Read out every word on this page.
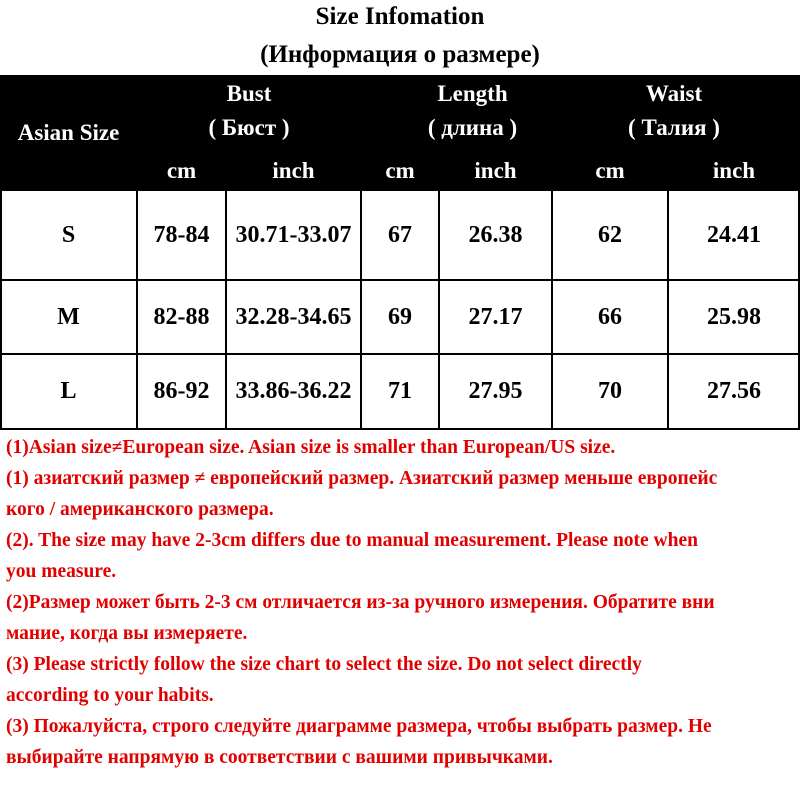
Size Infomation
(Информация о размере)
Asian Size
Bust
( Бюст )
Length
( длина )
Waist
( Талия )
cm	inch	cm	inch	cm	inch
S	78-84	30.71-33.07	67	26.38	62	24.41
M	82-88	32.28-34.65	69	27.17	66	25.98
L	86-92	33.86-36.22	71	27.95	70	27.56
(1)Asian size≠European size. Asian size is smaller than European/US size.
(1) азиатский размер ≠ европейский размер. Азиатский размер меньше европейс
кого / американского размера.
(2). The size may have 2-3cm differs due to manual measurement. Please note when
you measure.
(2)Размер может быть 2-3 см отличается из-за ручного измерения. Обратите вни
мание, когда вы измеряете.
(3) Please strictly follow the size chart to select the size. Do not select directly
according to your habits.
(3) Пожалуйста, строго следуйте диаграмме размера, чтобы выбрать размер. Не
выбирайте напрямую в соответствии с вашими привычками.
